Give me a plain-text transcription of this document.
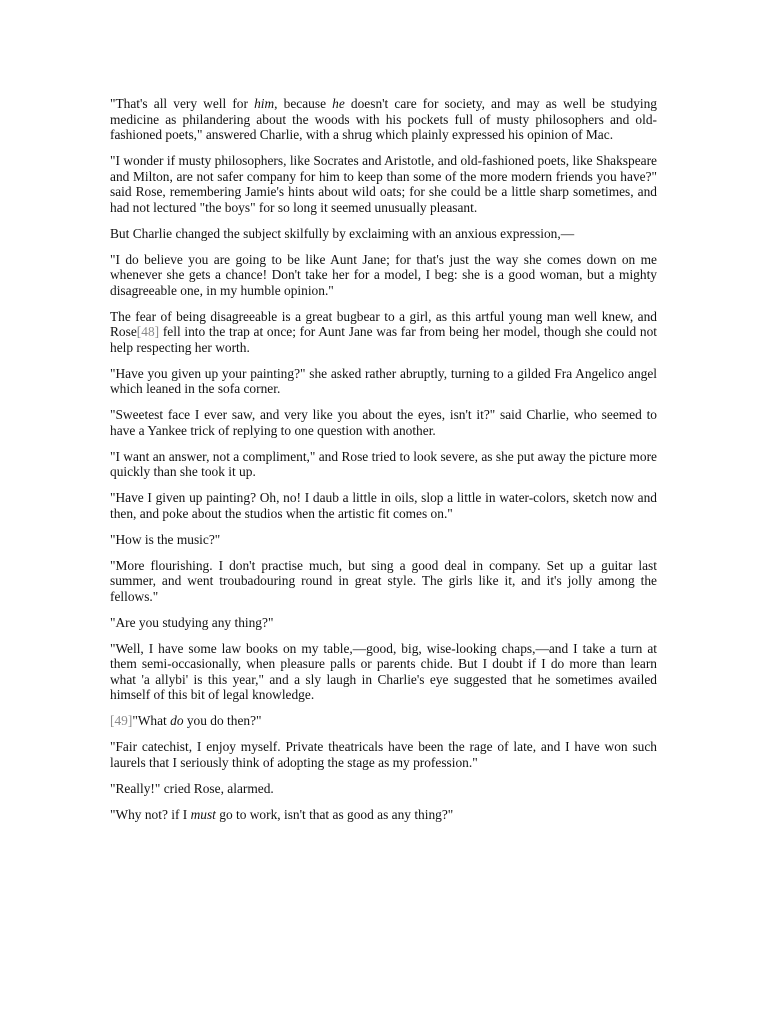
"That's all very well for him, because he doesn't care for society, and may as well be studying medicine as philandering about the woods with his pockets full of musty philosophers and old-fashioned poets," answered Charlie, with a shrug which plainly expressed his opinion of Mac.

"I wonder if musty philosophers, like Socrates and Aristotle, and old-fashioned poets, like Shakspeare and Milton, are not safer company for him to keep than some of the more modern friends you have?" said Rose, remembering Jamie's hints about wild oats; for she could be a little sharp sometimes, and had not lectured "the boys" for so long it seemed unusually pleasant.

But Charlie changed the subject skilfully by exclaiming with an anxious expression,—

"I do believe you are going to be like Aunt Jane; for that's just the way she comes down on me whenever she gets a chance! Don't take her for a model, I beg: she is a good woman, but a mighty disagreeable one, in my humble opinion."

The fear of being disagreeable is a great bugbear to a girl, as this artful young man well knew, and Rose[48] fell into the trap at once; for Aunt Jane was far from being her model, though she could not help respecting her worth.

"Have you given up your painting?" she asked rather abruptly, turning to a gilded Fra Angelico angel which leaned in the sofa corner.

"Sweetest face I ever saw, and very like you about the eyes, isn't it?" said Charlie, who seemed to have a Yankee trick of replying to one question with another.

"I want an answer, not a compliment," and Rose tried to look severe, as she put away the picture more quickly than she took it up.

"Have I given up painting? Oh, no! I daub a little in oils, slop a little in water-colors, sketch now and then, and poke about the studios when the artistic fit comes on."

"How is the music?"

"More flourishing. I don't practise much, but sing a good deal in company. Set up a guitar last summer, and went troubadouring round in great style. The girls like it, and it's jolly among the fellows."

"Are you studying any thing?"

"Well, I have some law books on my table,—good, big, wise-looking chaps,—and I take a turn at them semi-occasionally, when pleasure palls or parents chide. But I doubt if I do more than learn what 'a allybi' is this year," and a sly laugh in Charlie's eye suggested that he sometimes availed himself of this bit of legal knowledge.

[49]"What do you do then?"

"Fair catechist, I enjoy myself. Private theatricals have been the rage of late, and I have won such laurels that I seriously think of adopting the stage as my profession."

"Really!" cried Rose, alarmed.

"Why not? if I must go to work, isn't that as good as any thing?"
